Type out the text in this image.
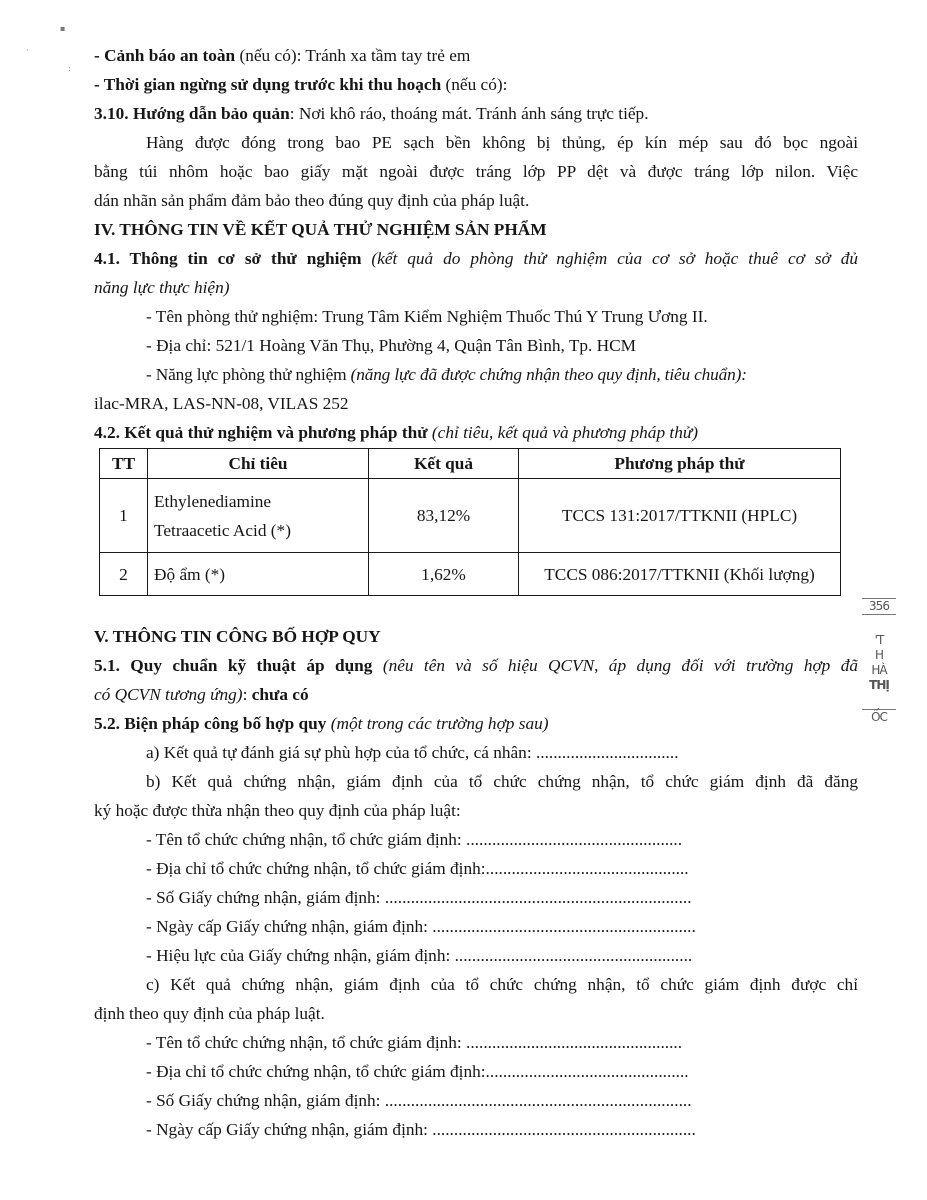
▪
·
:

- Cảnh báo an toàn (nếu có): Tránh xa tầm tay trẻ em

- Thời gian ngừng sử dụng trước khi thu hoạch (nếu có):

3.10. Hướng dẫn bảo quản: Nơi khô ráo, thoáng mát. Tránh ánh sáng trực tiếp.

Hàng được đóng trong bao PE sạch bền không bị thủng, ép kín mép sau đó bọc ngoài

bằng túi nhôm hoặc bao giấy mặt ngoài được tráng lớp PP dệt và được tráng lớp nilon. Việc

dán nhãn sản phẩm đảm bảo theo đúng quy định của pháp luật.

IV. THÔNG TIN VỀ KẾT QUẢ THỬ NGHIỆM SẢN PHẨM

4.1. Thông tin cơ sở thử nghiệm (kết quả do phòng thử nghiệm của cơ sở hoặc thuê cơ sở đủ

năng lực thực hiện)

- Tên phòng thử nghiệm: Trung Tâm Kiểm Nghiệm Thuốc Thú Y Trung Ương II.

- Địa chỉ: 521/1 Hoàng Văn Thụ, Phường 4, Quận Tân Bình, Tp. HCM

- Năng lực phòng thử nghiệm (năng lực đã được chứng nhận theo quy định, tiêu chuẩn):

ilac-MRA, LAS-NN-08, VILAS 252

4.2. Kết quả thử nghiệm và phương pháp thử (chỉ tiêu, kết quả và phương pháp thử)

TT	Chỉ tiêu	Kết quả	Phương pháp thử
1	Ethylenediamine
Tetraacetic Acid (*)	83,12%	TCCS 131:2017/TTKNII (HPLC)
2	Độ ẩm (*)	1,62%	TCCS 086:2017/TTKNII (Khối lượng)

V. THÔNG TIN CÔNG BỐ HỢP QUY

5.1. Quy chuẩn kỹ thuật áp dụng (nêu tên và số hiệu QCVN, áp dụng đối với trường hợp đã

có QCVN tương ứng): chưa có

5.2. Biện pháp công bố hợp quy (một trong các trường hợp sau)

a) Kết quả tự đánh giá sự phù hợp của tổ chức, cá nhân: .................................

b) Kết quả chứng nhận, giám định của tổ chức chứng nhận, tổ chức giám định đã đăng

ký hoặc được thừa nhận theo quy định của pháp luật:

- Tên tổ chức chứng nhận, tổ chức giám định: ..................................................

- Địa chỉ tổ chức chứng nhận, tổ chức giám định:...............................................

- Số Giấy chứng nhận, giám định: .......................................................................

- Ngày cấp Giấy chứng nhận, giám định: .............................................................

- Hiệu lực của Giấy chứng nhận, giám định: .......................................................

c) Kết quả chứng nhận, giám định của tổ chức chứng nhận, tổ chức giám định được chỉ

định theo quy định của pháp luật.

- Tên tổ chức chứng nhận, tổ chức giám định: ..................................................

- Địa chỉ tổ chức chứng nhận, tổ chức giám định:...............................................

- Số Giấy chứng nhận, giám định: .......................................................................

- Ngày cấp Giấy chứng nhận, giám định: .............................................................

356
'T
H
HÀ
THỊ
ỐC
